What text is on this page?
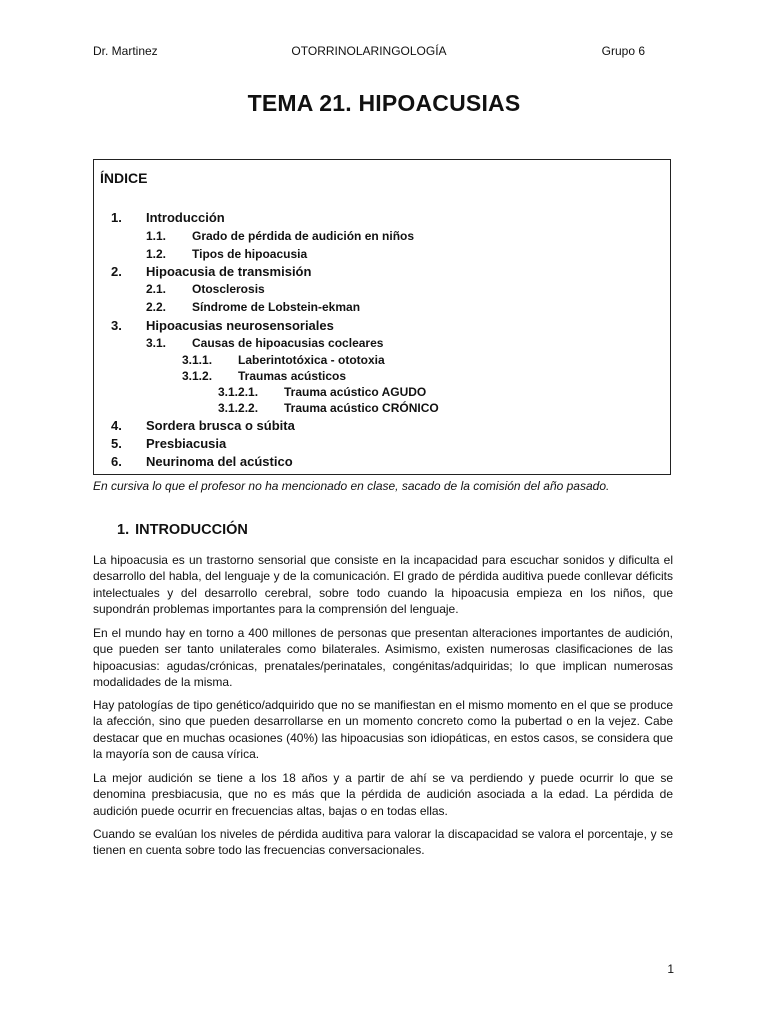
Dr. Martinez	OTORRINOLARINGOLOGÍA	Grupo 6
TEMA 21. HIPOACUSIAS
ÍNDICE
1. Introducción
1.1. Grado de pérdida de audición en niños
1.2. Tipos de hipoacusia
2. Hipoacusia de transmisión
2.1. Otosclerosis
2.2. Síndrome de Lobstein-ekman
3. Hipoacusias neurosensoriales
3.1. Causas de hipoacusias cocleares
3.1.1. Laberintotóxica - ototoxia
3.1.2. Traumas acústicos
3.1.2.1. Trauma acústico AGUDO
3.1.2.2. Trauma acústico CRÓNICO
4. Sordera brusca o súbita
5. Presbiacusia
6. Neurinoma del acústico
En cursiva lo que el profesor no ha mencionado en clase, sacado de la comisión del año pasado.
1. INTRODUCCIÓN

La hipoacusia es un trastorno sensorial que consiste en la incapacidad para escuchar sonidos y dificulta el desarrollo del habla, del lenguaje y de la comunicación. El grado de pérdida auditiva puede conllevar déficits intelectuales y del desarrollo cerebral, sobre todo cuando la hipoacusia empieza en los niños, que supondrán problemas importantes para la comprensión del lenguaje.

En el mundo hay en torno a 400 millones de personas que presentan alteraciones importantes de audición, que pueden ser tanto unilaterales como bilaterales. Asimismo, existen numerosas clasificaciones de las hipoacusias: agudas/crónicas, prenatales/perinatales, congénitas/adquiridas; lo que implican numerosas modalidades de la misma.

Hay patologías de tipo genético/adquirido que no se manifiestan en el mismo momento en el que se produce la afección, sino que pueden desarrollarse en un momento concreto como la pubertad o en la vejez. Cabe destacar que en muchas ocasiones (40%) las hipoacusias son idiopáticas, en estos casos, se considera que la mayoría son de causa vírica.

La mejor audición se tiene a los 18 años y a partir de ahí se va perdiendo y puede ocurrir lo que se denomina presbiacusia, que no es más que la pérdida de audición asociada a la edad. La pérdida de audición puede ocurrir en frecuencias altas, bajas o en todas ellas.

Cuando se evalúan los niveles de pérdida auditiva para valorar la discapacidad se valora el porcentaje, y se tienen en cuenta sobre todo las frecuencias conversacionales.

1
